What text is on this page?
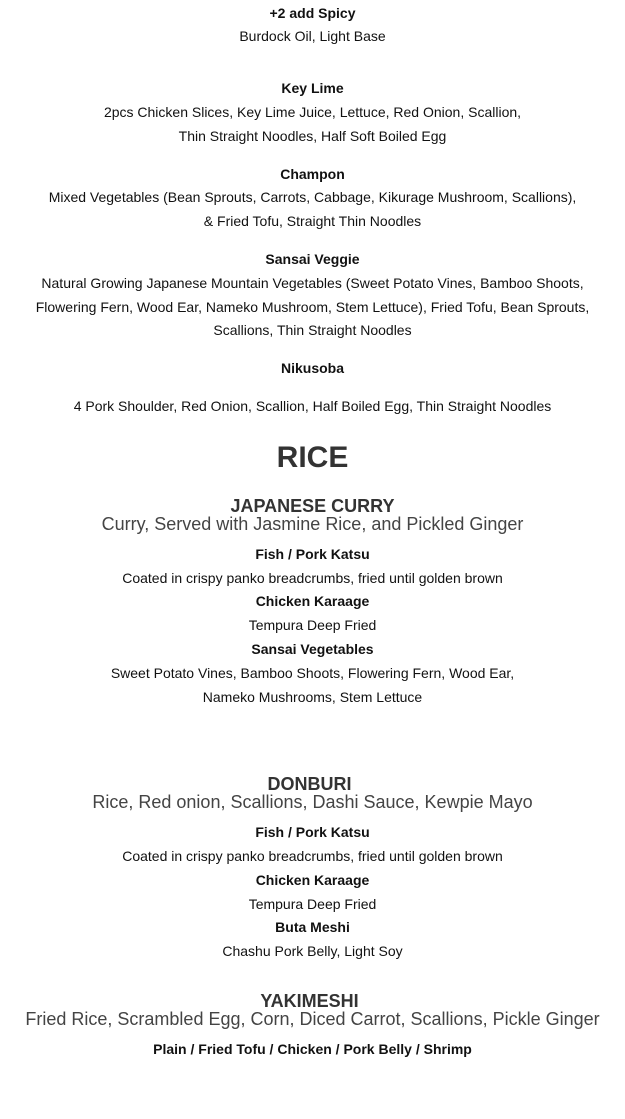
+2 add Spicy
Burdock Oil, Light Base
Key Lime
2pcs Chicken Slices, Key Lime Juice, Lettuce, Red Onion, Scallion,
Thin Straight Noodles, Half Soft Boiled Egg
Champon
Mixed Vegetables (Bean Sprouts, Carrots, Cabbage, Kikurage Mushroom, Scallions),
& Fried Tofu, Straight Thin Noodles
Sansai Veggie
Natural Growing Japanese Mountain Vegetables (Sweet Potato Vines, Bamboo Shoots,
Flowering Fern, Wood Ear, Nameko Mushroom, Stem Lettuce), Fried Tofu, Bean Sprouts,
Scallions, Thin Straight Noodles
Nikusoba
4 Pork Shoulder, Red Onion, Scallion, Half Boiled Egg, Thin Straight Noodles
RICE
JAPANESE CURRY
Curry, Served with Jasmine Rice, and Pickled Ginger
Fish / Pork Katsu
Coated in crispy panko breadcrumbs, fried until golden brown
Chicken Karaage
Tempura Deep Fried
Sansai Vegetables
Sweet Potato Vines, Bamboo Shoots, Flowering Fern, Wood Ear,
Nameko Mushrooms, Stem Lettuce
DONBURI
Rice, Red onion, Scallions, Dashi Sauce, Kewpie Mayo
Fish / Pork Katsu
Coated in crispy panko breadcrumbs, fried until golden brown
Chicken Karaage
Tempura Deep Fried
Buta Meshi
Chashu Pork Belly, Light Soy
YAKIMESHI
Fried Rice, Scrambled Egg, Corn, Diced Carrot, Scallions, Pickle Ginger
Plain / Fried Tofu / Chicken / Pork Belly / Shrimp
